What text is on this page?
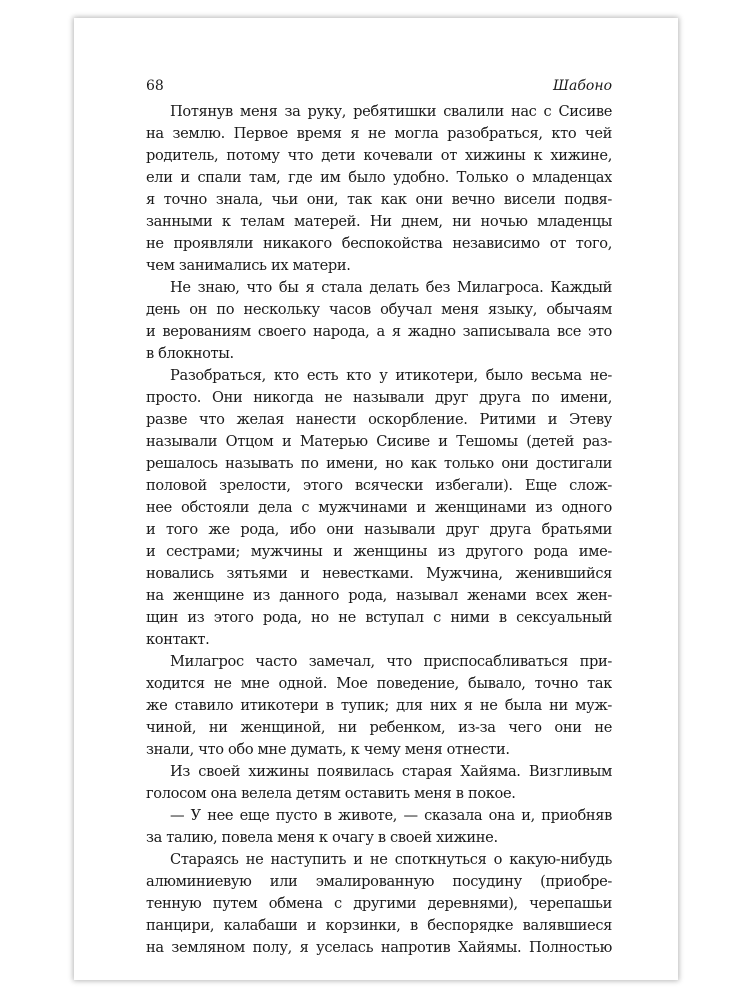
68	Шабоно
Потянув меня за руку, ребятишки свалили нас с Сисиве
на землю. Первое время я не могла разобраться, кто чей
родитель, потому что дети кочевали от хижины к хижине,
ели и спали там, где им было удобно. Только о младенцах
я точно знала, чьи они, так как они вечно висели подвя-
занными к телам матерей. Ни днем, ни ночью младенцы
не проявляли никакого беспокойства независимо от того,
чем занимались их матери.
Не знаю, что бы я стала делать без Милагроса. Каждый
день он по нескольку часов обучал меня языку, обычаям
и верованиям своего народа, а я жадно записывала все это
в блокноты.
Разобраться, кто есть кто у итикотери, было весьма не-
просто. Они никогда не называли друг друга по имени,
разве что желая нанести оскорбление. Ритими и Этеву
называли Отцом и Матерью Сисиве и Тешомы (детей раз-
решалось называть по имени, но как только они достигали
половой зрелости, этого всячески избегали). Еще слож-
нее обстояли дела с мужчинами и женщинами из одного
и того же рода, ибо они называли друг друга братьями
и сестрами; мужчины и женщины из другого рода име-
новались зятьями и невестками. Мужчина, женившийся
на женщине из данного рода, называл женами всех жен-
щин из этого рода, но не вступал с ними в сексуальный
контакт.
Милагрос часто замечал, что приспосабливаться при-
ходится не мне одной. Мое поведение, бывало, точно так
же ставило итикотери в тупик; для них я не была ни муж-
чиной, ни женщиной, ни ребенком, из-за чего они не
знали, что обо мне думать, к чему меня отнести.
Из своей хижины появилась старая Хайяма. Визгливым
голосом она велела детям оставить меня в покое.
— У нее еще пусто в животе, — сказала она и, приобняв
за талию, повела меня к очагу в своей хижине.
Стараясь не наступить и не споткнуться о какую-нибудь
алюминиевую или эмалированную посудину (приобре-
тенную путем обмена с другими деревнями), черепашьи
панцири, калабаши и корзинки, в беспорядке валявшиеся
на земляном полу, я уселась напротив Хайямы. Полностью
